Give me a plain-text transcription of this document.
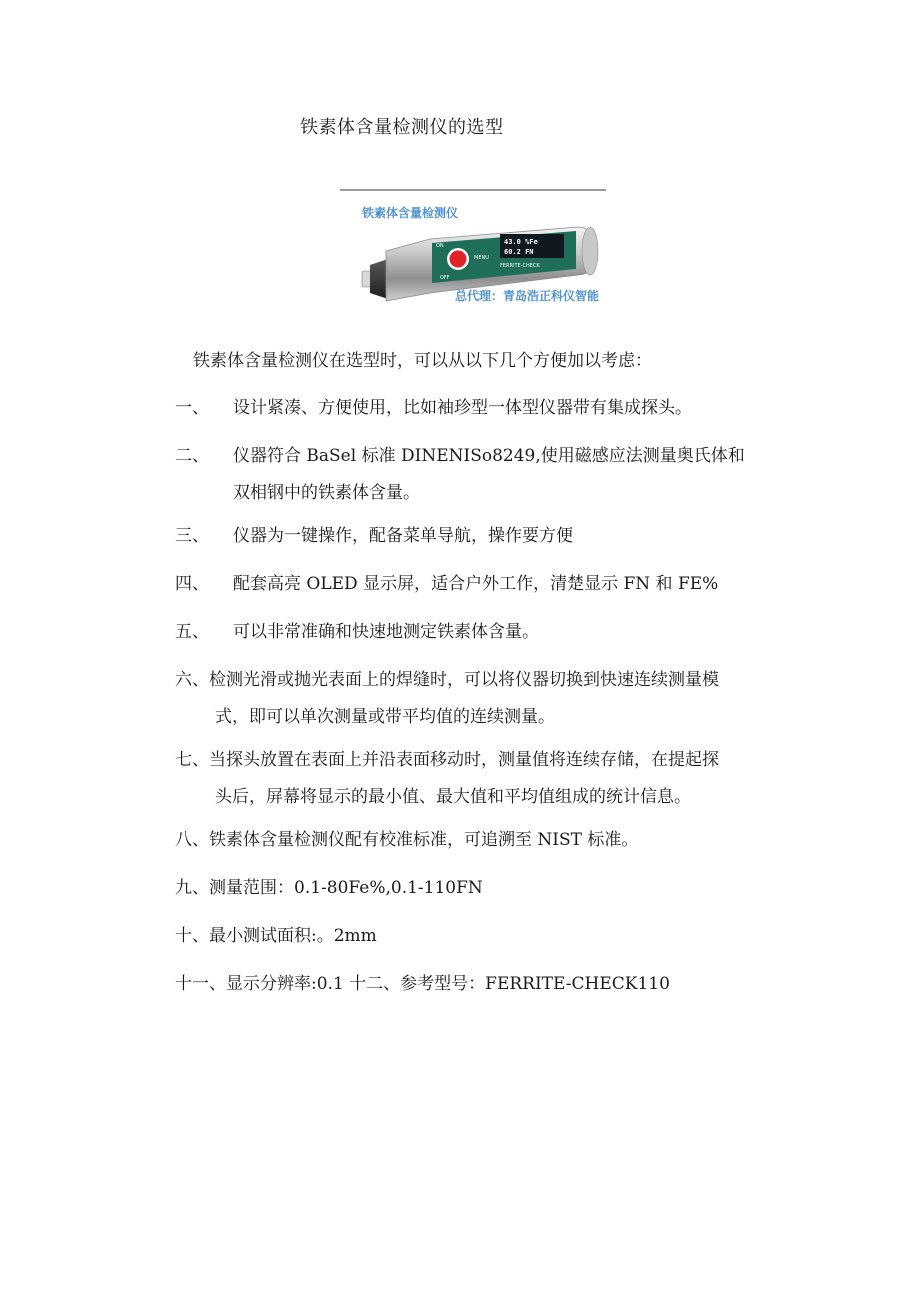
铁素体含量检测仪的选型
ON
OFF
MENU
43.0 %Fe
60.2 FN
FERRITE-CHECK
铁素体含量检测仪
总代理：青岛浩正科仪智能
铁素体含量检测仪在选型时，可以从以下几个方便加以考虑：
一、 设计紧凑、方便使用，比如袖珍型一体型仪器带有集成探头。
二、 仪器符合 BaSel 标准 DINENISo8249,使用磁感应法测量奥氏体和
双相钢中的铁素体含量。
三、 仪器为一键操作，配备菜单导航，操作要方便
四、 配套高亮 OLED 显示屏，适合户外工作，清楚显示 FN 和 FE%
五、 可以非常准确和快速地测定铁素体含量。
六、检测光滑或抛光表面上的焊缝时，可以将仪器切换到快速连续测量模
式，即可以单次测量或带平均值的连续测量。
七、当探头放置在表面上并沿表面移动时，测量值将连续存储，在提起探
头后，屏幕将显示的最小值、最大值和平均值组成的统计信息。
八、铁素体含量检测仪配有校准标准，可追溯至 NIST 标准。
九、测量范围：0.1-80Fe%,0.1-110FN
十、最小测试面积:。2mm
十一、显示分辨率:0.1 十二、参考型号：FERRITE-CHECK110
